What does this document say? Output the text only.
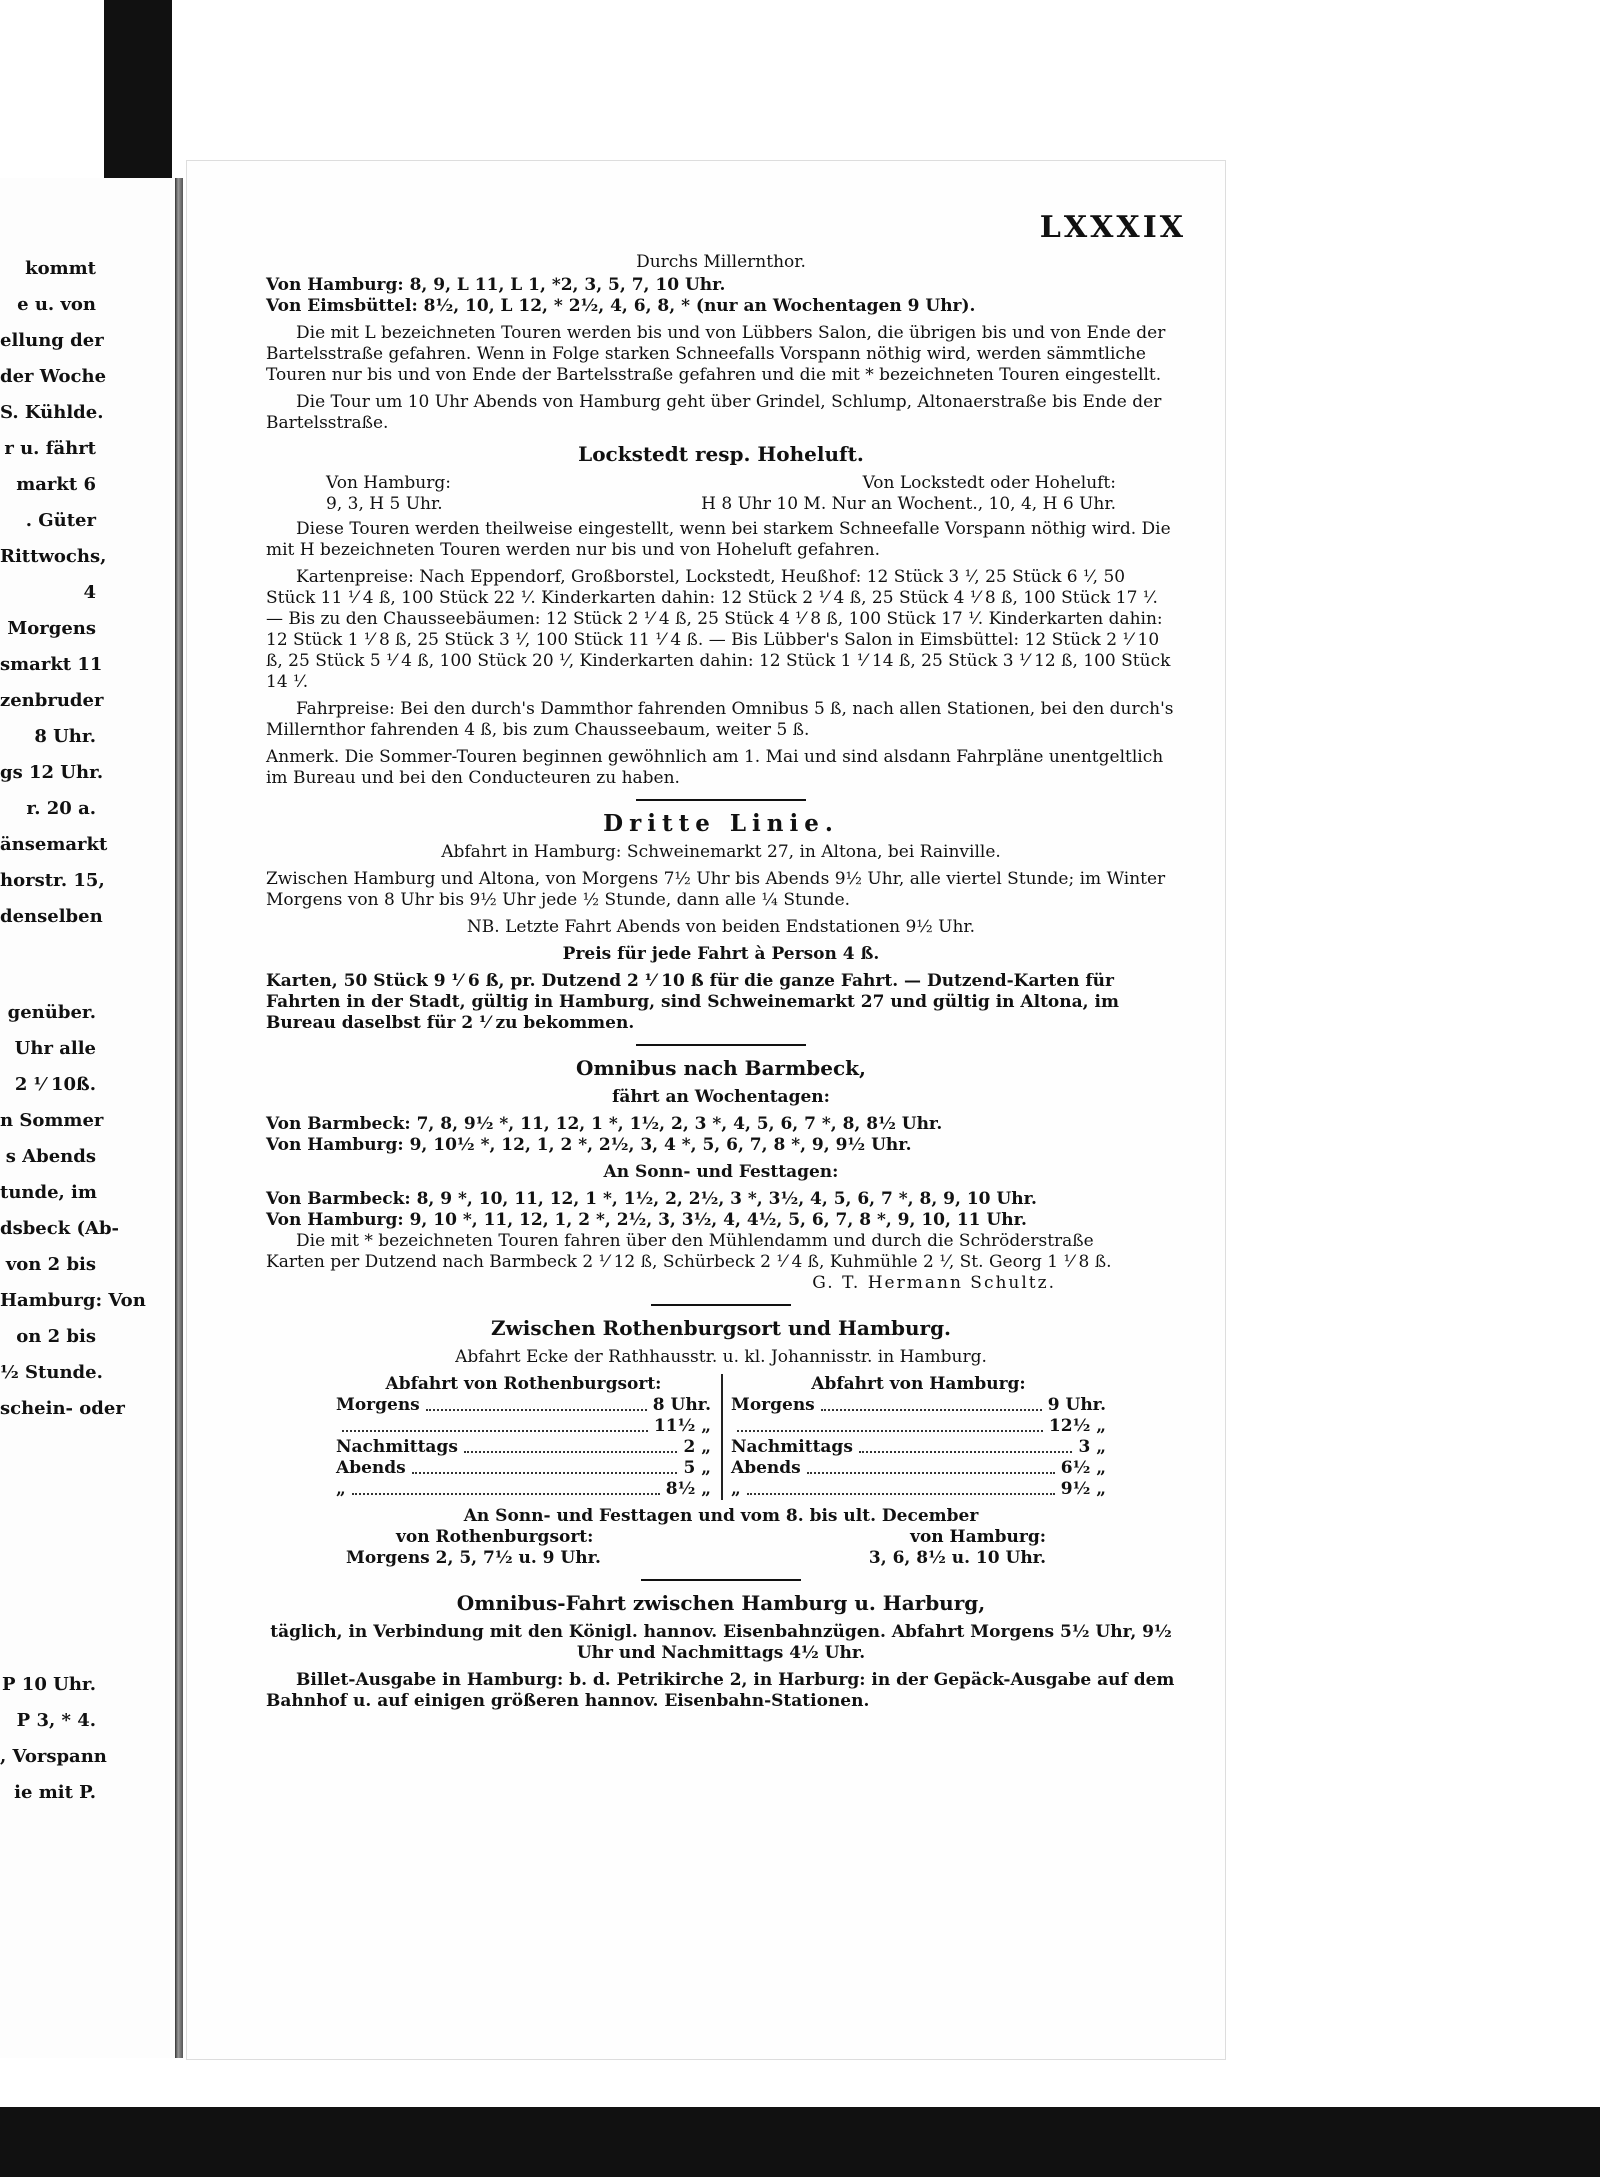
kommt
e u. von
ellung der
der Woche
S. Kühlde.
r u. fährt
markt 6
. Güter
Rittwochs,
4
Morgens
smarkt 11
zenbruder
8 Uhr.
gs 12 Uhr.
r. 20 a.
änsemarkt
horstr. 15,
denselben
genüber.
Uhr alle
2 ⅟ 10ß.
n Sommer
s Abends
tunde, im
dsbeck (Ab-
von 2 bis
Hamburg: Von
on 2 bis
½ Stunde.
schein- oder
P 10 Uhr.
P 3, * 4.
, Vorspann
ie mit P.
LXXXIX
Durchs Millernthor.

Von Hamburg: 8, 9, L 11, L 1, *2, 3, 5, 7, 10 Uhr.

Von Eimsbüttel: 8½, 10, L 12, * 2½, 4, 6, 8, * (nur an Wochentagen 9 Uhr).

Die mit L bezeichneten Touren werden bis und von Lübbers Salon, die übrigen bis und von Ende der Bartelsstraße gefahren. Wenn in Folge starken Schneefalls Vorspann nöthig wird, werden sämmtliche Touren nur bis und von Ende der Bartelsstraße gefahren und die mit * bezeichneten Touren eingestellt.

Die Tour um 10 Uhr Abends von Hamburg geht über Grindel, Schlump, Altonaerstraße bis Ende der Bartelsstraße.

Lockstedt resp. Hoheluft.
Von Hamburg:	Von Lockstedt oder Hoheluft:
9, 3, H 5 Uhr.	H 8 Uhr 10 M. Nur an Wochent., 10, 4, H 6 Uhr.

Diese Touren werden theilweise eingestellt, wenn bei starkem Schneefalle Vorspann nöthig wird. Die mit H bezeichneten Touren werden nur bis und von Hoheluft gefahren.

Kartenpreise: Nach Eppendorf, Großborstel, Lockstedt, Heußhof: 12 Stück 3 ⅟, 25 Stück 6 ⅟, 50 Stück 11 ⅟ 4 ß, 100 Stück 22 ⅟. Kinderkarten dahin: 12 Stück 2 ⅟ 4 ß, 25 Stück 4 ⅟ 8 ß, 100 Stück 17 ⅟. — Bis zu den Chausseebäumen: 12 Stück 2 ⅟ 4 ß, 25 Stück 4 ⅟ 8 ß, 100 Stück 17 ⅟. Kinderkarten dahin: 12 Stück 1 ⅟ 8 ß, 25 Stück 3 ⅟, 100 Stück 11 ⅟ 4 ß. — Bis Lübber's Salon in Eimsbüttel: 12 Stück 2 ⅟ 10 ß, 25 Stück 5 ⅟ 4 ß, 100 Stück 20 ⅟, Kinderkarten dahin: 12 Stück 1 ⅟ 14 ß, 25 Stück 3 ⅟ 12 ß, 100 Stück 14 ⅟.

Fahrpreise: Bei den durch's Dammthor fahrenden Omnibus 5 ß, nach allen Stationen, bei den durch's Millernthor fahrenden 4 ß, bis zum Chausseebaum, weiter 5 ß.

Anmerk. Die Sommer-Touren beginnen gewöhnlich am 1. Mai und sind alsdann Fahrpläne unentgeltlich im Bureau und bei den Conducteuren zu haben.

Dritte Linie.

Abfahrt in Hamburg: Schweinemarkt 27, in Altona, bei Rainville.

Zwischen Hamburg und Altona, von Morgens 7½ Uhr bis Abends 9½ Uhr, alle viertel Stunde; im Winter Morgens von 8 Uhr bis 9½ Uhr jede ½ Stunde, dann alle ¼ Stunde.

NB. Letzte Fahrt Abends von beiden Endstationen 9½ Uhr.

Preis für jede Fahrt à Person 4 ß.

Karten, 50 Stück 9 ⅟ 6 ß, pr. Dutzend 2 ⅟ 10 ß für die ganze Fahrt. — Dutzend-Karten für Fahrten in der Stadt, gültig in Hamburg, sind Schweinemarkt 27 und gültig in Altona, im Bureau daselbst für 2 ⅟ zu bekommen.

Omnibus nach Barmbeck,

fährt an Wochentagen:

Von Barmbeck: 7, 8, 9½ *, 11, 12, 1 *, 1½, 2, 3 *, 4, 5, 6, 7 *, 8, 8½ Uhr.

Von Hamburg: 9, 10½ *, 12, 1, 2 *, 2½, 3, 4 *, 5, 6, 7, 8 *, 9, 9½ Uhr.

An Sonn- und Festtagen:

Von Barmbeck: 8, 9 *, 10, 11, 12, 1 *, 1½, 2, 2½, 3 *, 3½, 4, 5, 6, 7 *, 8, 9, 10 Uhr.

Von Hamburg: 9, 10 *, 11, 12, 1, 2 *, 2½, 3, 3½, 4, 4½, 5, 6, 7, 8 *, 9, 10, 11 Uhr.

Die mit * bezeichneten Touren fahren über den Mühlendamm und durch die Schröderstraße

Karten per Dutzend nach Barmbeck 2 ⅟ 12 ß, Schürbeck 2 ⅟ 4 ß, Kuhmühle 2 ⅟, St. Georg 1 ⅟ 8 ß.

G. T. Hermann Schultz.

Zwischen Rothenburgsort und Hamburg.

Abfahrt Ecke der Rathhausstr. u. kl. Johannisstr. in Hamburg.

Abfahrt von Rothenburgsort:
Morgens	8 Uhr.
11½ „
Nachmittags	2 „
Abends	5 „
„	8½ „
Abfahrt von Hamburg:
Morgens	9 Uhr.
12½ „
Nachmittags	3 „
Abends	6½ „
„	9½ „

An Sonn- und Festtagen und vom 8. bis ult. December

von Rothenburgsort:	von Hamburg:
Morgens 2, 5, 7½ u. 9 Uhr.	3, 6, 8½ u. 10 Uhr.
Omnibus-Fahrt zwischen Hamburg u. Harburg,

täglich, in Verbindung mit den Königl. hannov. Eisenbahnzügen. Abfahrt Morgens 5½ Uhr, 9½ Uhr und Nachmittags 4½ Uhr.

Billet-Ausgabe in Hamburg: b. d. Petrikirche 2, in Harburg: in der Gepäck-Ausgabe auf dem Bahnhof u. auf einigen größeren hannov. Eisenbahn-Stationen.
